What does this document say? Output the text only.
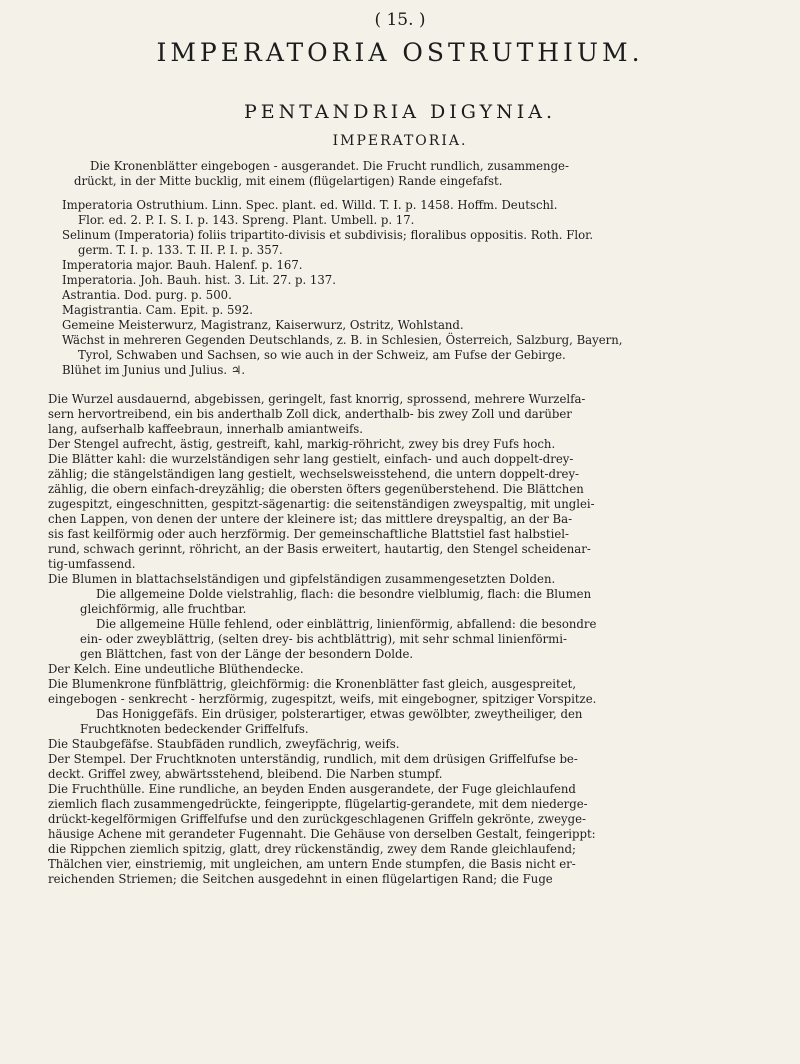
( 15. )
IMPERATORIA OSTRUTHIUM.
PENTANDRIA DIGYNIA.
IMPERATORIA.

Die Kronenblätter eingebogen - ausgerandet. Die Frucht rundlich, zusammenge-

drückt, in der Mitte bucklig, mit einem (flügelartigen) Rande eingefafst.

Imperatoria Ostruthium. Linn. Spec. plant. ed. Willd. T. I. p. 1458. Hoffm. Deutschl.

Flor. ed. 2. P. I. S. I. p. 143. Spreng. Plant. Umbell. p. 17.

Selinum (Imperatoria) foliis tripartito-divisis et subdivisis; floralibus oppositis. Roth. Flor.

germ. T. I. p. 133. T. II. P. I. p. 357.

Imperatoria major. Bauh. Halenf. p. 167.

Imperatoria. Joh. Bauh. hist. 3. Lit. 27. p. 137.

Astrantia. Dod. purg. p. 500.

Magistrantia. Cam. Epit. p. 592.

Gemeine Meisterwurz, Magistranz, Kaiserwurz, Ostritz, Wohlstand.

Wächst in mehreren Gegenden Deutschlands, z. B. in Schlesien, Österreich, Salzburg, Bayern,

Tyrol, Schwaben und Sachsen, so wie auch in der Schweiz, am Fufse der Gebirge.

Blühet im Junius und Julius. ♃.

Die Wurzel ausdauernd, abgebissen, geringelt, fast knorrig, sprossend, mehrere Wurzelfa-

sern hervortreibend, ein bis anderthalb Zoll dick, anderthalb- bis zwey Zoll und darüber

lang, aufserhalb kaffeebraun, innerhalb amiantweifs.

Der Stengel aufrecht, ästig, gestreift, kahl, markig-röhricht, zwey bis drey Fufs hoch.

Die Blätter kahl: die wurzelständigen sehr lang gestielt, einfach- und auch doppelt-drey-

zählig; die stängelständigen lang gestielt, wechselsweisstehend, die untern doppelt-drey-

zählig, die obern einfach-dreyzählig; die obersten öfters gegenüberstehend. Die Blättchen

zugespitzt, eingeschnitten, gespitzt-sägenartig: die seitenständigen zweyspaltig, mit unglei-

chen Lappen, von denen der untere der kleinere ist; das mittlere dreyspaltig, an der Ba-

sis fast keilförmig oder auch herzförmig. Der gemeinschaftliche Blattstiel fast halbstiel-

rund, schwach gerinnt, röhricht, an der Basis erweitert, hautartig, den Stengel scheidenar-

tig-umfassend.

Die Blumen in blattachselständigen und gipfelständigen zusammengesetzten Dolden.

Die allgemeine Dolde vielstrahlig, flach: die besondre vielblumig, flach: die Blumen

gleichförmig, alle fruchtbar.

Die allgemeine Hülle fehlend, oder einblättrig, linienförmig, abfallend: die besondre

ein- oder zweyblättrig, (selten drey- bis achtblättrig), mit sehr schmal linienförmi-

gen Blättchen, fast von der Länge der besondern Dolde.

Der Kelch. Eine undeutliche Blüthendecke.

Die Blumenkrone fünfblättrig, gleichförmig: die Kronenblätter fast gleich, ausgespreitet,

eingebogen - senkrecht - herzförmig, zugespitzt, weifs, mit eingebogner, spitziger Vorspitze.

Das Honiggefäfs. Ein drüsiger, polsterartiger, etwas gewölbter, zweytheiliger, den

Fruchtknoten bedeckender Griffelfufs.

Die Staubgefäfse. Staubfäden rundlich, zweyfächrig, weifs.

Der Stempel. Der Fruchtknoten unterständig, rundlich, mit dem drüsigen Griffelfufse be-

deckt. Griffel zwey, abwärtsstehend, bleibend. Die Narben stumpf.

Die Fruchthülle. Eine rundliche, an beyden Enden ausgerandete, der Fuge gleichlaufend

ziemlich flach zusammengedrückte, feingerippte, flügelartig-gerandete, mit dem niederge-

drückt-kegelförmigen Griffelfufse und den zurückgeschlagenen Griffeln gekrönte, zweyge-

häusige Achene mit gerandeter Fugennaht. Die Gehäuse von derselben Gestalt, feingerippt:

die Rippchen ziemlich spitzig, glatt, drey rückenständig, zwey dem Rande gleichlaufend;

Thälchen vier, einstriemig, mit ungleichen, am untern Ende stumpfen, die Basis nicht er-

reichenden Striemen; die Seitchen ausgedehnt in einen flügelartigen Rand; die Fuge
